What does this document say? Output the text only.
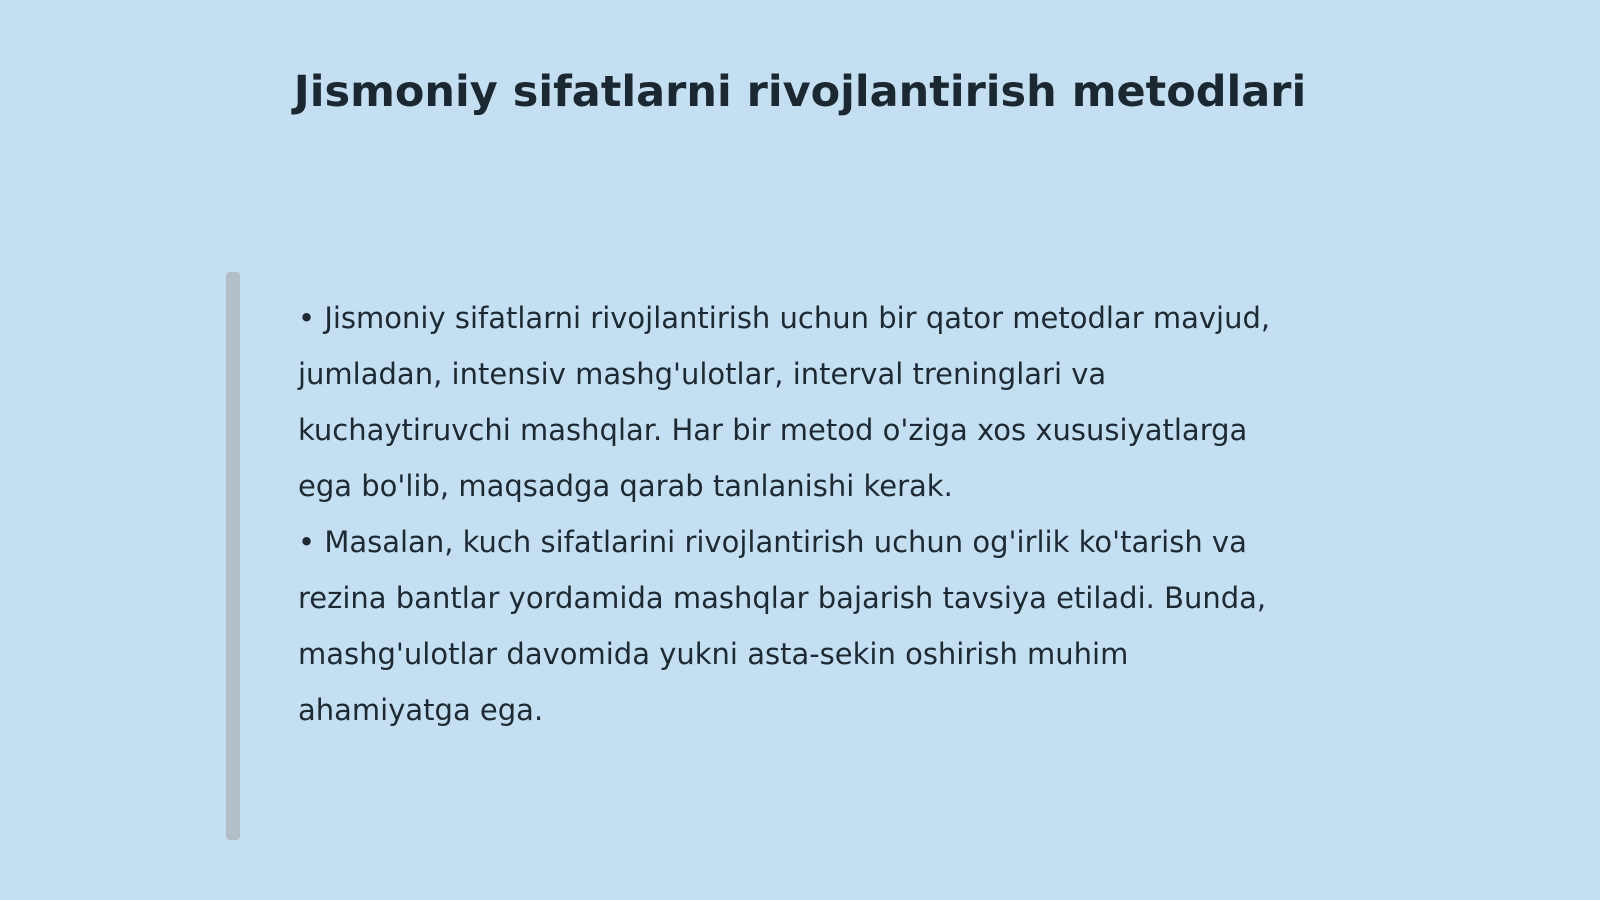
Jismoniy sifatlarni rivojlantirish metodlari

• Jismoniy sifatlarni rivojlantirish uchun bir qator metodlar mavjud, jumladan, intensiv mashg'ulotlar, interval treninglari va kuchaytiruvchi mashqlar. Har bir metod o'ziga xos xususiyatlarga ega bo'lib, maqsadga qarab tanlanishi kerak.

• Masalan, kuch sifatlarini rivojlantirish uchun og'irlik ko'tarish va rezina bantlar yordamida mashqlar bajarish tavsiya etiladi. Bunda, mashg'ulotlar davomida yukni asta-sekin oshirish muhim ahamiyatga ega.
